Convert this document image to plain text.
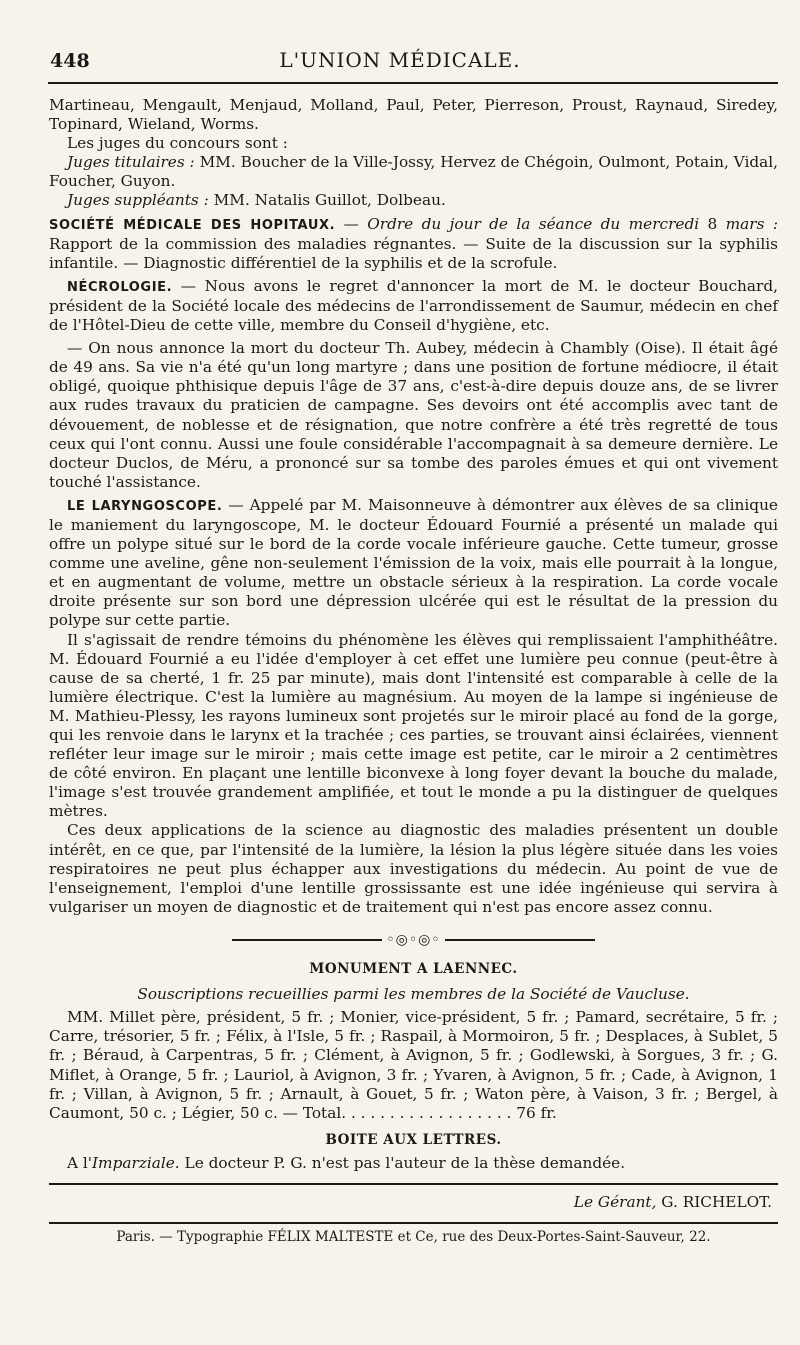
448	L'UNION MÉDICALE.

Martineau, Mengault, Menjaud, Molland, Paul, Peter, Pierreson, Proust, Raynaud, Siredey, Topinard, Wieland, Worms.

Les juges du concours sont :

Juges titulaires : MM. Boucher de la Ville-Jossy, Hervez de Chégoin, Oulmont, Potain, Vidal, Foucher, Guyon.

Juges suppléants : MM. Natalis Guillot, Dolbeau.

SOCIÉTÉ MÉDICALE DES HOPITAUX. — Ordre du jour de la séance du mercredi 8 mars : Rapport de la commission des maladies régnantes. — Suite de la discussion sur la syphilis infantile. — Diagnostic différentiel de la syphilis et de la scrofule.

NÉCROLOGIE. — Nous avons le regret d'annoncer la mort de M. le docteur Bouchard, président de la Société locale des médecins de l'arrondissement de Saumur, médecin en chef de l'Hôtel-Dieu de cette ville, membre du Conseil d'hygiène, etc.

— On nous annonce la mort du docteur Th. Aubey, médecin à Chambly (Oise). Il était âgé de 49 ans. Sa vie n'a été qu'un long martyre ; dans une position de fortune médiocre, il était obligé, quoique phthisique depuis l'âge de 37 ans, c'est-à-dire depuis douze ans, de se livrer aux rudes travaux du praticien de campagne. Ses devoirs ont été accomplis avec tant de dévouement, de noblesse et de résignation, que notre confrère a été très regretté de tous ceux qui l'ont connu. Aussi une foule considérable l'accompagnait à sa demeure dernière. Le docteur Duclos, de Méru, a prononcé sur sa tombe des paroles émues et qui ont vivement touché l'assistance.

LE LARYNGOSCOPE. — Appelé par M. Maisonneuve à démontrer aux élèves de sa clinique le maniement du laryngoscope, M. le docteur Édouard Fournié a présenté un malade qui offre un polype situé sur le bord de la corde vocale inférieure gauche. Cette tumeur, grosse comme une aveline, gêne non-seulement l'émission de la voix, mais elle pourrait à la longue, et en augmentant de volume, mettre un obstacle sérieux à la respiration. La corde vocale droite présente sur son bord une dépression ulcérée qui est le résultat de la pression du polype sur cette partie.

Il s'agissait de rendre témoins du phénomène les élèves qui remplissaient l'amphithéâtre. M. Édouard Fournié a eu l'idée d'employer à cet effet une lumière peu connue (peut-être à cause de sa cherté, 1 fr. 25 par minute), mais dont l'intensité est comparable à celle de la lumière électrique. C'est la lumière au magnésium. Au moyen de la lampe si ingénieuse de M. Mathieu-Plessy, les rayons lumineux sont projetés sur le miroir placé au fond de la gorge, qui les renvoie dans le larynx et la trachée ; ces parties, se trouvant ainsi éclairées, viennent refléter leur image sur le miroir ; mais cette image est petite, car le miroir a 2 centimètres de côté environ. En plaçant une lentille biconvexe à long foyer devant la bouche du malade, l'image s'est trouvée grandement amplifiée, et tout le monde a pu la distinguer de quelques mètres.

Ces deux applications de la science au diagnostic des maladies présentent un double intérêt, en ce que, par l'intensité de la lumière, la lésion la plus légère située dans les voies respiratoires ne peut plus échapper aux investigations du médecin. Au point de vue de l'enseignement, l'emploi d'une lentille grossissante est une idée ingénieuse qui servira à vulgariser un moyen de diagnostic et de traitement qui n'est pas encore assez connu.

◦◎◦◎◦
MONUMENT A LAENNEC.
Souscriptions recueillies parmi les membres de la Société de Vaucluse.

MM. Millet père, président, 5 fr. ; Monier, vice-président, 5 fr. ; Pamard, secrétaire, 5 fr. ; Carre, trésorier, 5 fr. ; Félix, à l'Isle, 5 fr. ; Raspail, à Mormoiron, 5 fr. ; Desplaces, à Sublet, 5 fr. ; Béraud, à Carpentras, 5 fr. ; Clément, à Avignon, 5 fr. ; Godlewski, à Sorgues, 3 fr. ; G. Miflet, à Orange, 5 fr. ; Lauriol, à Avignon, 3 fr. ; Yvaren, à Avignon, 5 fr. ; Cade, à Avignon, 1 fr. ; Villan, à Avignon, 5 fr. ; Arnault, à Gouet, 5 fr. ; Waton père, à Vaison, 3 fr. ; Bergel, à Caumont, 50 c. ; Légier, 50 c. — Total. . . . . . . . . . . . . . . . . . 76 fr.

BOITE AUX LETTRES.

A l'Imparziale. Le docteur P. G. n'est pas l'auteur de la thèse demandée.

Le Gérant, G. RICHELOT.
Paris. — Typographie FÉLIX MALTESTE et Ce, rue des Deux-Portes-Saint-Sauveur, 22.
